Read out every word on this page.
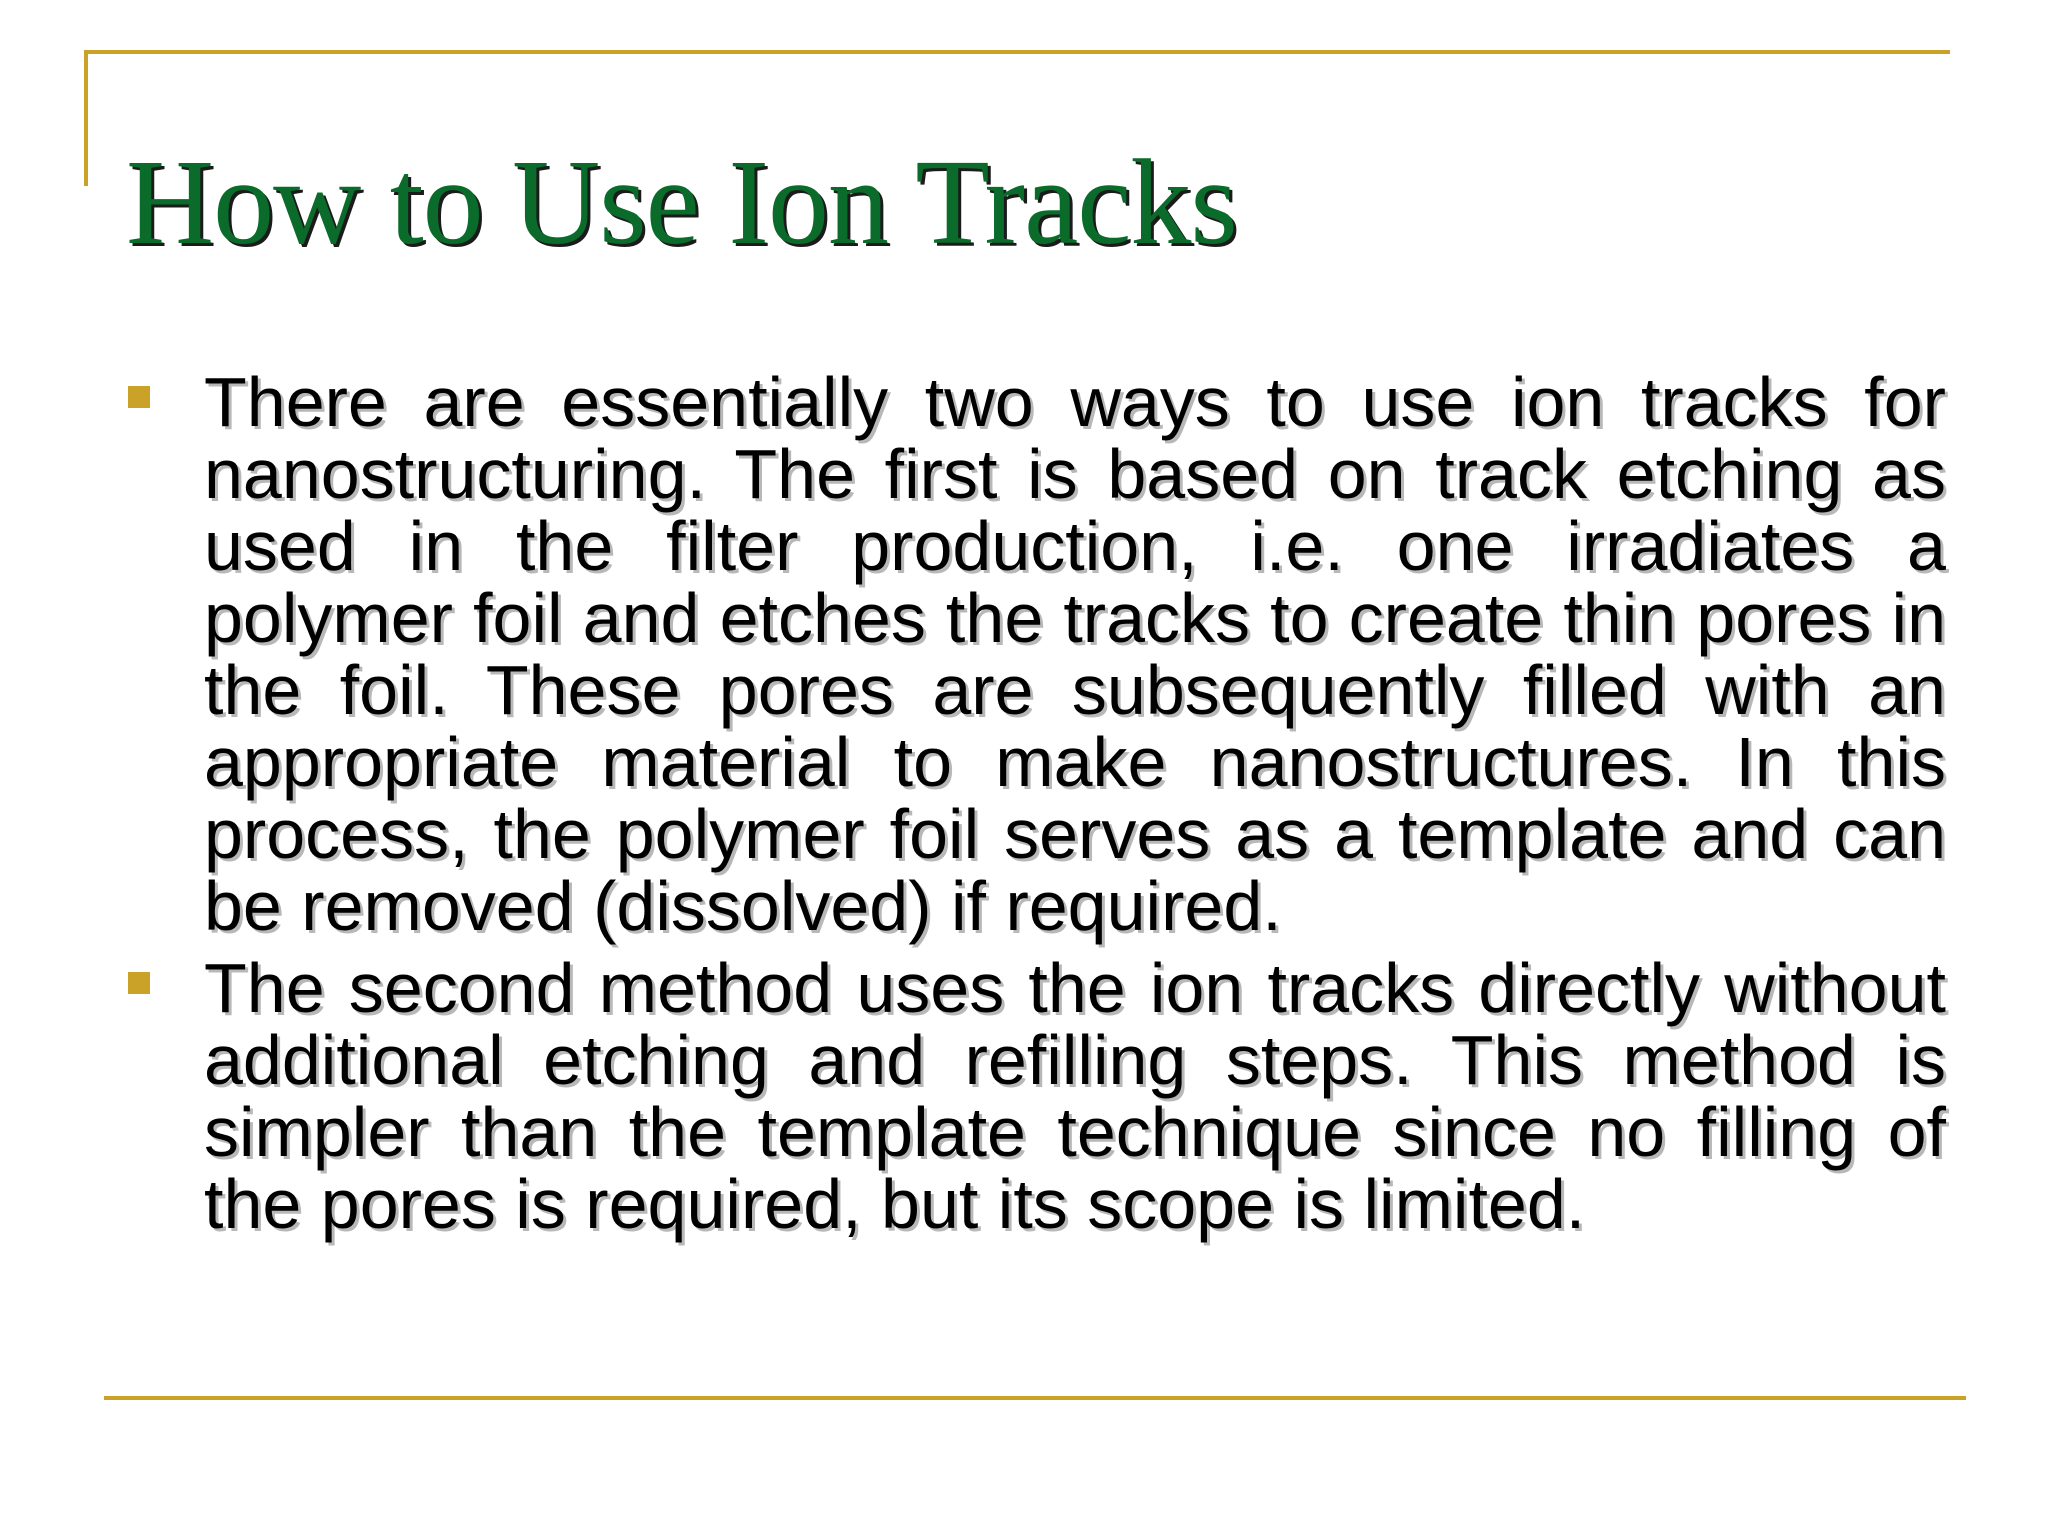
How to Use Ion Tracks
There are essentially two ways to use ion tracks for nanostructuring. The first is based on track etching as used in the filter production, i.e. one irradiates a polymer foil and etches the tracks to create thin pores in the foil. These pores are subsequently filled with an appropriate material to make nanostructures. In this process, the polymer foil serves as a template and can be removed (dissolved) if required.
The second method uses the ion tracks directly without additional etching and refilling steps. This method is simpler than the template technique since no filling of the pores is required, but its scope is limited.
